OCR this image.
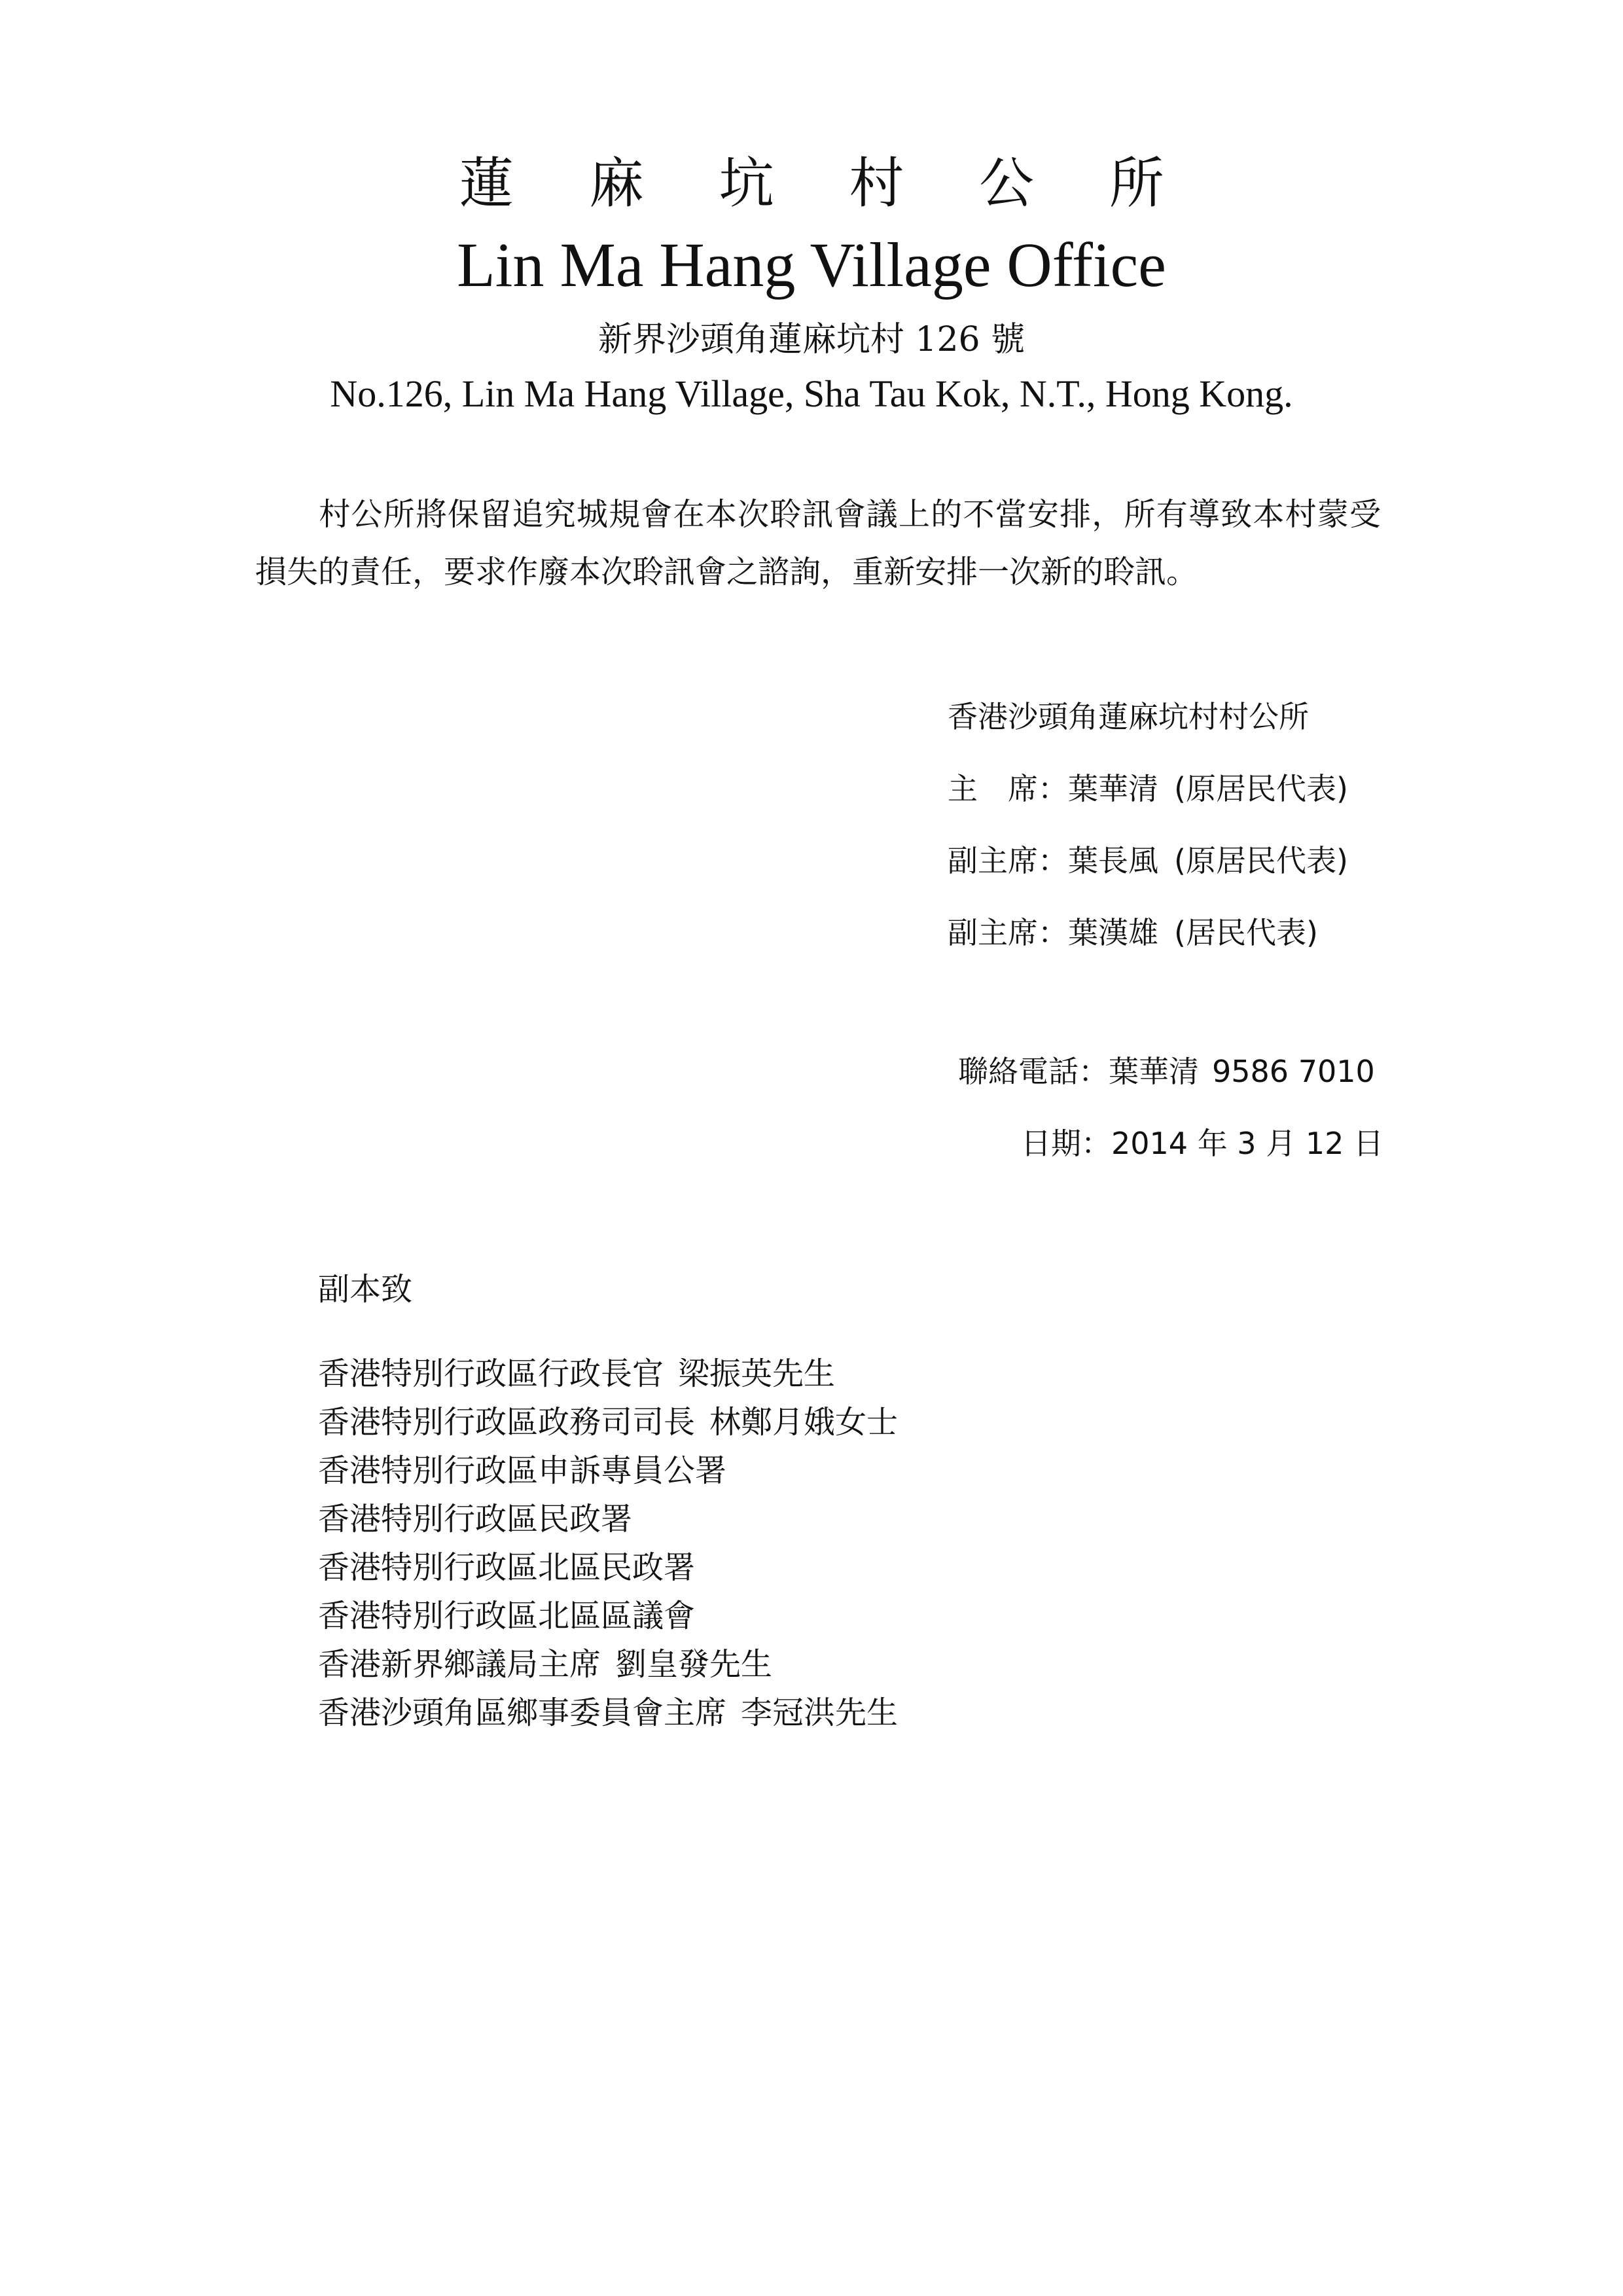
蓮 麻 坑 村 公 所
Lin Ma Hang Village Office
新界沙頭角蓮麻坑村 126 號
No.126, Lin Ma Hang Village, Sha Tau Kok, N.T., Hong Kong.
村公所將保留追究城規會在本次聆訊會議上的不當安排，所有導致本村蒙受損失的責任，要求作廢本次聆訊會之諮詢，重新安排一次新的聆訊。
香港沙頭角蓮麻坑村村公所
主　席：葉華清 (原居民代表)
副主席：葉長風 (原居民代表)
副主席：葉漢雄 (居民代表)
聯絡電話：葉華清 9586 7010
日期：2014 年 3 月 12 日
副本致
香港特別行政區行政長官 梁振英先生
香港特別行政區政務司司長 林鄭月娥女士
香港特別行政區申訴專員公署
香港特別行政區民政署
香港特別行政區北區民政署
香港特別行政區北區區議會
香港新界鄉議局主席 劉皇發先生
香港沙頭角區鄉事委員會主席 李冠洪先生
